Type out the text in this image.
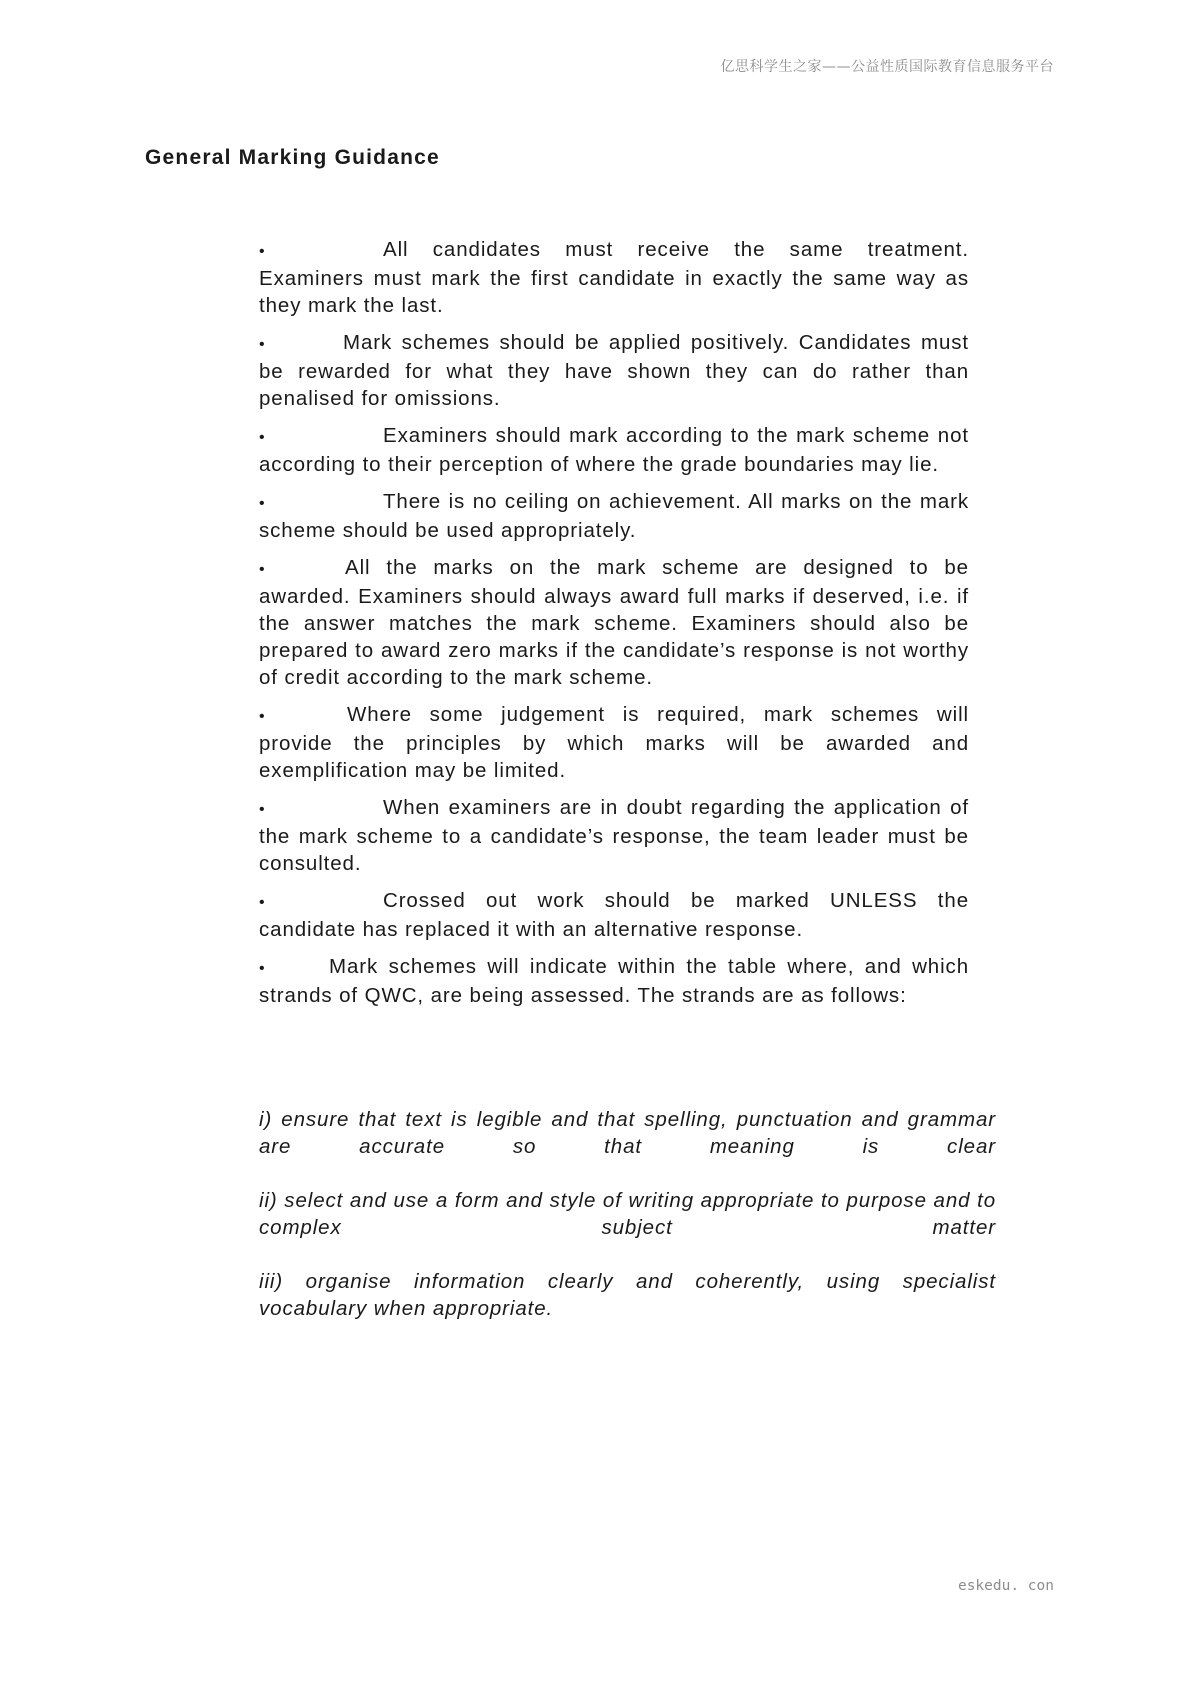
亿思科学生之家——公益性质国际教育信息服务平台
General Marking Guidance
•	All candidates must receive the same treatment. Examiners must mark the first candidate in exactly the same way as they mark the last.
•	Mark schemes should be applied positively. Candidates must be rewarded for what they have shown they can do rather than penalised for omissions.
•	Examiners should mark according to the mark scheme not according to their perception of where the grade boundaries may lie.
•	There is no ceiling on achievement. All marks on the mark scheme should be used appropriately.
•	All the marks on the mark scheme are designed to be awarded. Examiners should always award full marks if deserved, i.e. if the answer matches the mark scheme. Examiners should also be prepared to award zero marks if the candidate’s response is not worthy of credit according to the mark scheme.
•	Where some judgement is required, mark schemes will provide the principles by which marks will be awarded and exemplification may be limited.
•	When examiners are in doubt regarding the application of the mark scheme to a candidate’s response, the team leader must be consulted.
•	Crossed out work should be marked UNLESS the candidate has replaced it with an alternative response.
•	Mark schemes will indicate within the table where, and which strands of QWC, are being assessed. The strands are as follows:

i) ensure that text is legible and that spelling, punctuation and grammar are accurate so that meaning is clear

ii) select and use a form and style of writing appropriate to purpose and to complex subject matter

iii) organise information clearly and coherently, using specialist vocabulary when appropriate.

eskedu. con
